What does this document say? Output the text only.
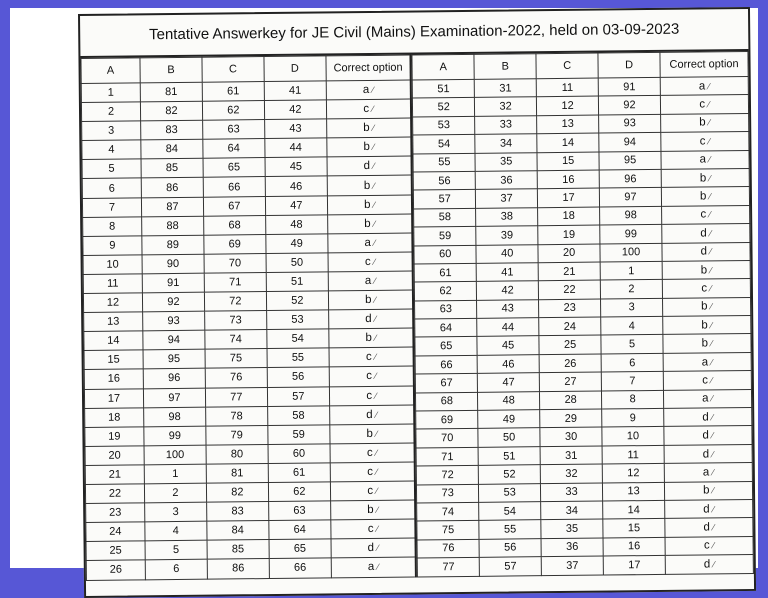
Tentative Answerkey for JE Civil (Mains) Examination-2022, held on 03-09-2023
A	B	C	D	Correct option
1	81	61	41	a ∕
2	82	62	42	c ∕
3	83	63	43	b ∕
4	84	64	44	b ∕
5	85	65	45	d ∕
6	86	66	46	b ∕
7	87	67	47	b ∕
8	88	68	48	b ∕
9	89	69	49	a ∕
10	90	70	50	c ∕
11	91	71	51	a ∕
12	92	72	52	b ∕
13	93	73	53	d ∕
14	94	74	54	b ∕
15	95	75	55	c ∕
16	96	76	56	c ∕
17	97	77	57	c ∕
18	98	78	58	d ∕
19	99	79	59	b ∕
20	100	80	60	c ∕
21	1	81	61	c ∕
22	2	82	62	c ∕
23	3	83	63	b ∕
24	4	84	64	c ∕
25	5	85	65	d ∕
26	6	86	66	a ∕
A	B	C	D	Correct option
51	31	11	91	a ∕
52	32	12	92	c ∕
53	33	13	93	b ∕
54	34	14	94	c ∕
55	35	15	95	a ∕
56	36	16	96	b ∕
57	37	17	97	b ∕
58	38	18	98	c ∕
59	39	19	99	d ∕
60	40	20	100	d ∕
61	41	21	1	b ∕
62	42	22	2	c ∕
63	43	23	3	b ∕
64	44	24	4	b ∕
65	45	25	5	b ∕
66	46	26	6	a ∕
67	47	27	7	c ∕
68	48	28	8	a ∕
69	49	29	9	d ∕
70	50	30	10	d ∕
71	51	31	11	d ∕
72	52	32	12	a ∕
73	53	33	13	b ∕
74	54	34	14	d ∕
75	55	35	15	d ∕
76	56	36	16	c ∕
77	57	37	17	d ∕
